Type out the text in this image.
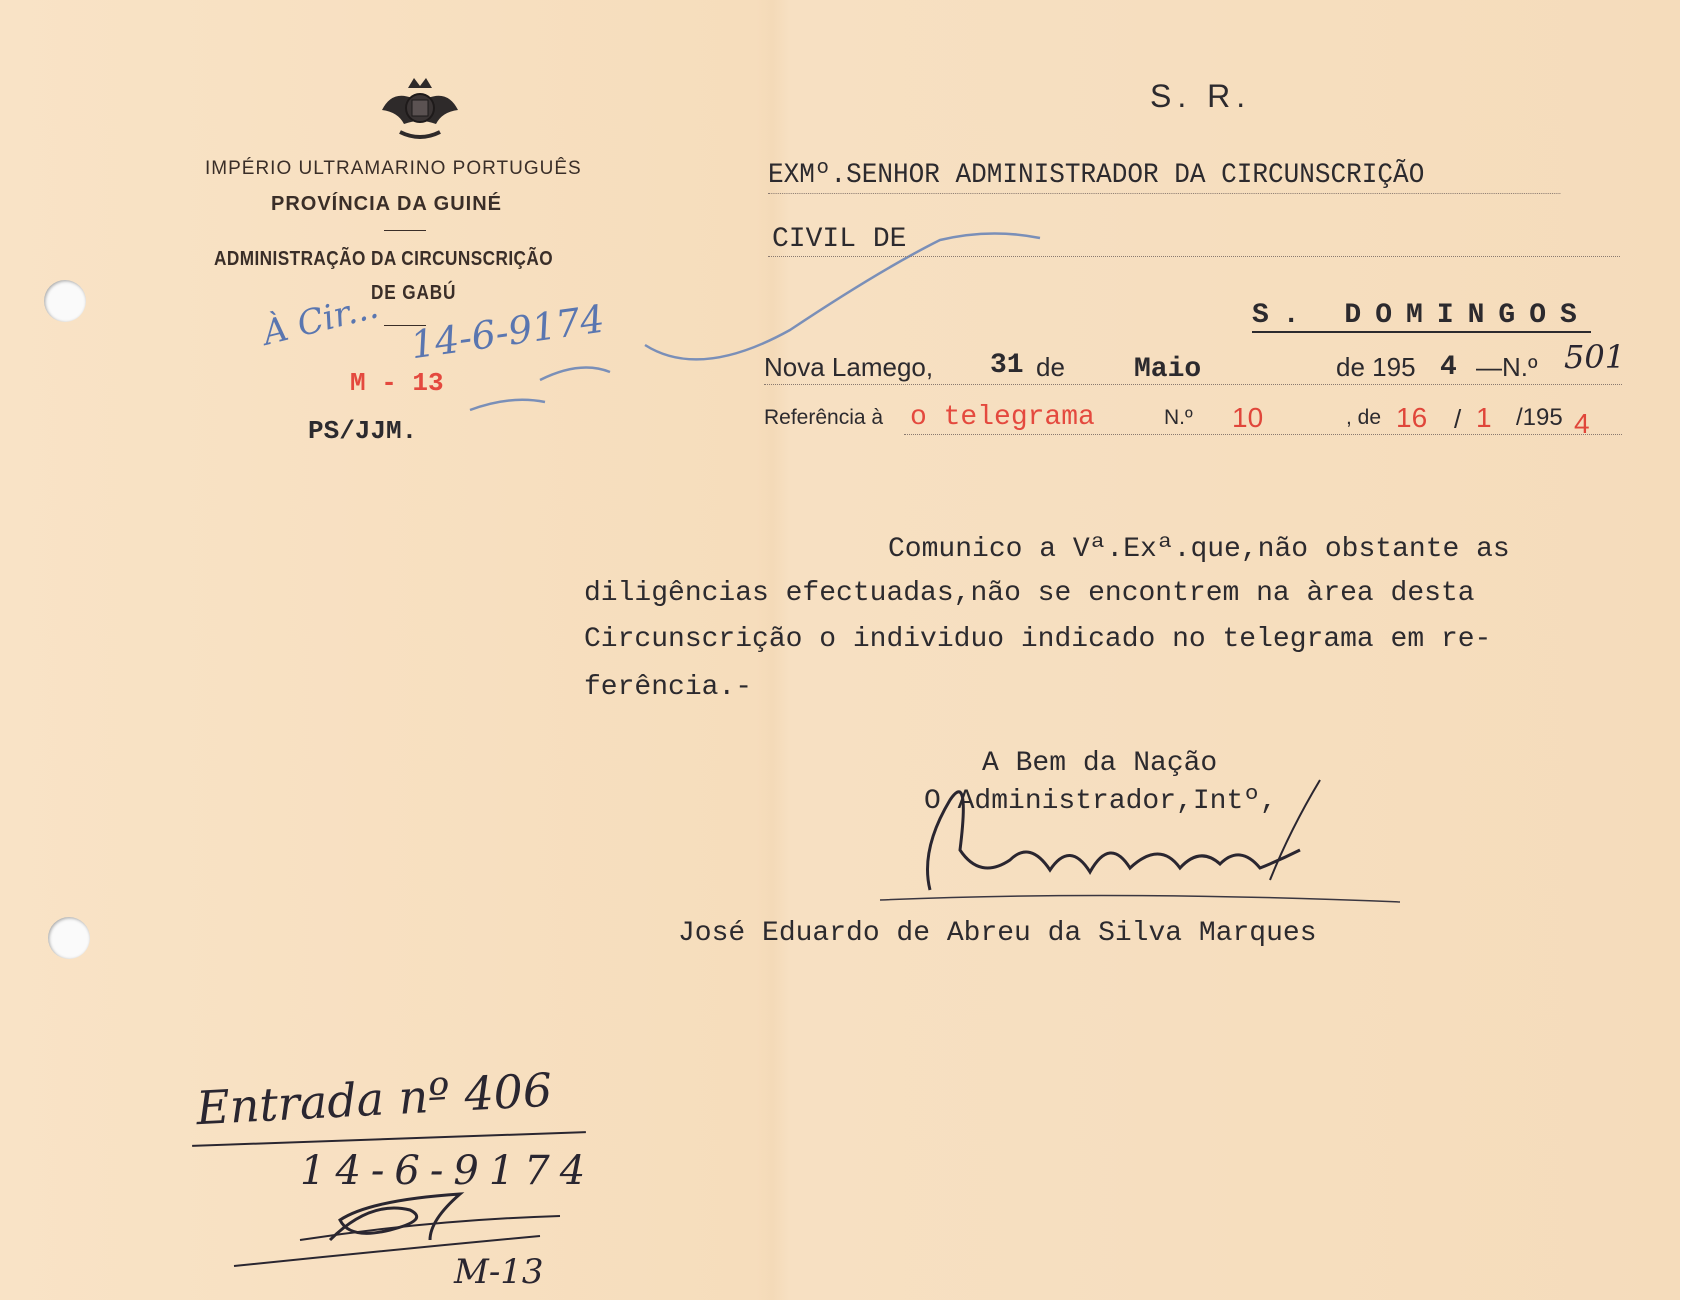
IMPÉRIO ULTRAMARINO PORTUGUÊS
PROVÍNCIA DA GUINÉ
ADMINISTRAÇÃO DA CIRCUNSCRIÇÃO
DE GABÚ
M - 13
PS/JJM.
À Cir... 14-6-9174
S. R.
EXMº.SENHOR ADMINISTRADOR DA CIRCUNSCRIÇÃO
CIVIL DE
S. DOMINGOS
Nova Lamego, 31 de Maio	de 195 4 —N.º 501
Referência à o telegrama	N.º 10	, de 16 / 1 /195 4
Comunico a Vª.Exª.que,não obstante as
diligências efectuadas,não se encontrem na àrea desta
Circunscrição o individuo indicado no telegrama em re-
ferência.-
A Bem da Nação
O Administrador,Intº,
José Eduardo de Abreu da Silva Marques
Entrada nº 406
14-6-9174
M-13
